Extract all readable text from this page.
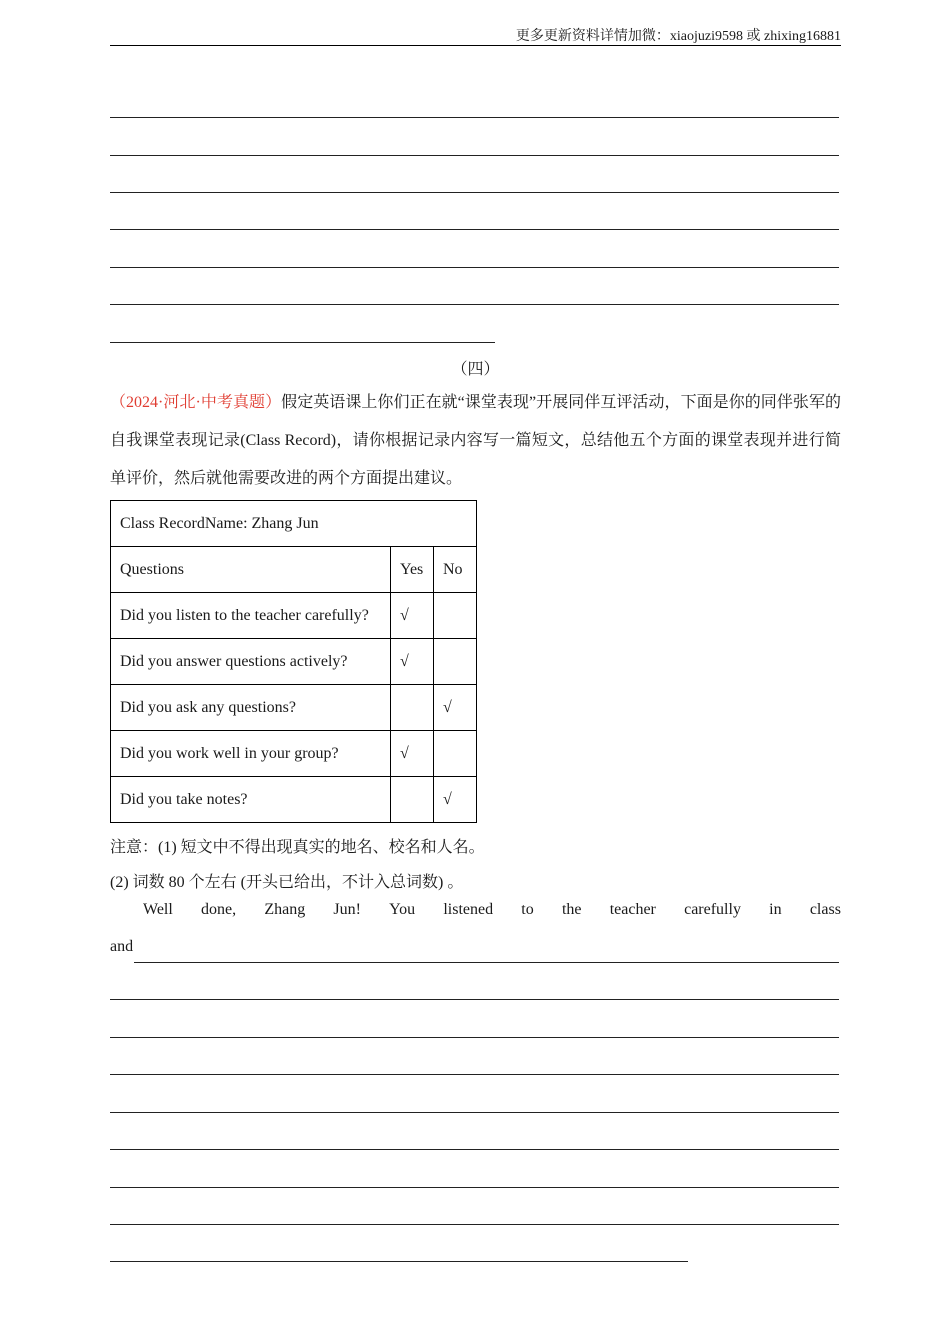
更多更新资料详情加微：xiaojuzi9598 或 zhixing16881
（四）
（2024·河北·中考真题）假定英语课上你们正在就“课堂表现”开展同伴互评活动，下面是你的同伴张军的自我课堂表现记录(Class Record)，请你根据记录内容写一篇短文，总结他五个方面的课堂表现并进行简单评价，然后就他需要改进的两个方面提出建议。
Class RecordName: Zhang Jun		
Questions	Yes	No
Did you listen to the teacher carefully?	√	
Did you answer questions actively?	√	
Did you ask any questions?		√
Did you work well in your group?	√	
Did you take notes?		√
注意：(1) 短文中不得出现真实的地名、校名和人名。
(2) 词数 80 个左右 (开头已给出，不计入总词数) 。
Well done, Zhang Jun! You listened to the teacher carefully in class
and
